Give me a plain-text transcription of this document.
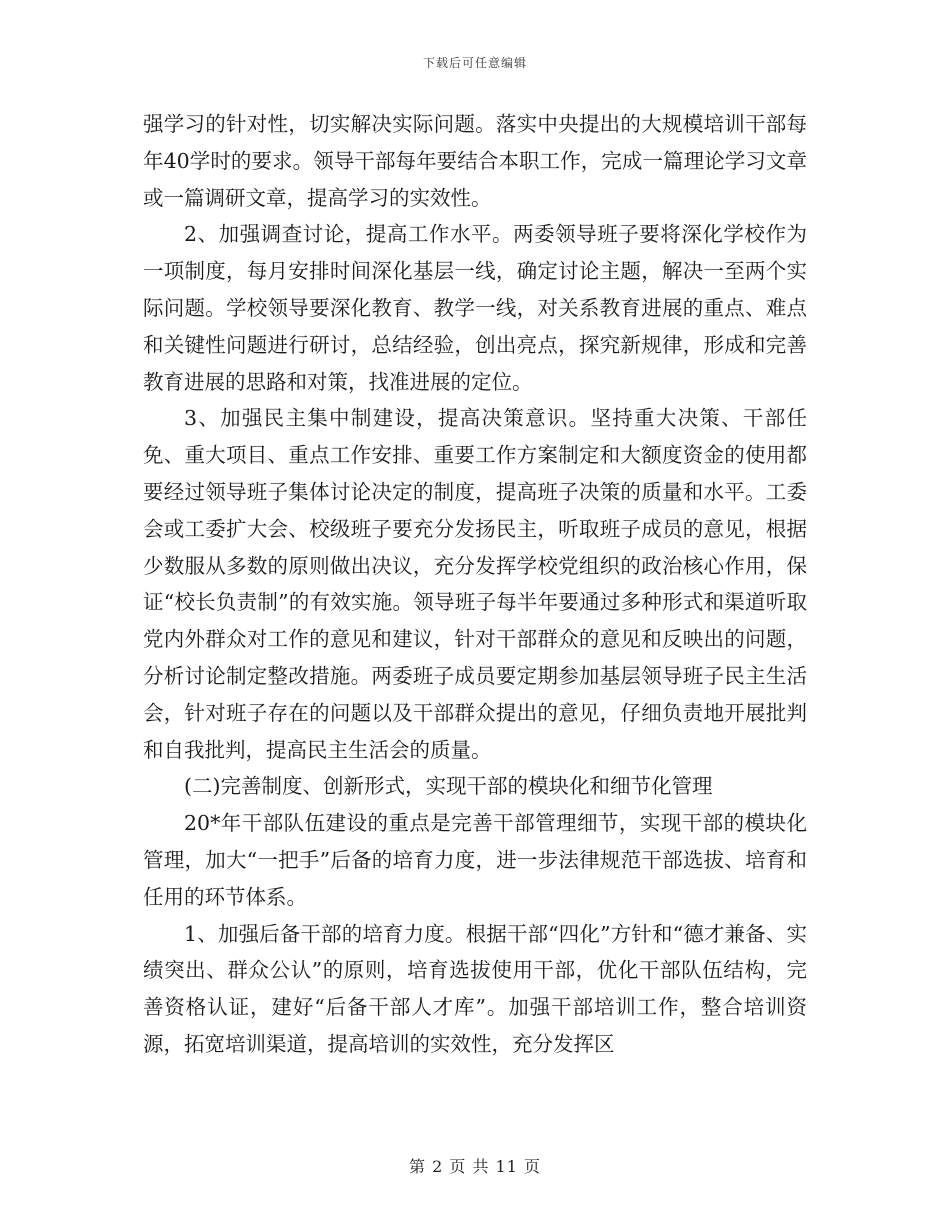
下载后可任意编辑

强学习的针对性，切实解决实际问题。落实中央提出的大规模培训干部每年40学时的要求。领导干部每年要结合本职工作，完成一篇理论学习文章或一篇调研文章，提高学习的实效性。

2、加强调查讨论，提高工作水平。两委领导班子要将深化学校作为一项制度，每月安排时间深化基层一线，确定讨论主题，解决一至两个实际问题。学校领导要深化教育、教学一线，对关系教育进展的重点、难点和关键性问题进行研讨，总结经验，创出亮点，探究新规律，形成和完善教育进展的思路和对策，找准进展的定位。

3、加强民主集中制建设，提高决策意识。坚持重大决策、干部任免、重大项目、重点工作安排、重要工作方案制定和大额度资金的使用都要经过领导班子集体讨论决定的制度，提高班子决策的质量和水平。工委会或工委扩大会、校级班子要充分发扬民主，听取班子成员的意见，根据少数服从多数的原则做出决议，充分发挥学校党组织的政治核心作用，保证“校长负责制”的有效实施。领导班子每半年要通过多种形式和渠道听取党内外群众对工作的意见和建议，针对干部群众的意见和反映出的问题，分析讨论制定整改措施。两委班子成员要定期参加基层领导班子民主生活会，针对班子存在的问题以及干部群众提出的意见，仔细负责地开展批判和自我批判，提高民主生活会的质量。

(二)完善制度、创新形式，实现干部的模块化和细节化管理

20*年干部队伍建设的重点是完善干部管理细节，实现干部的模块化管理，加大“一把手”后备的培育力度，进一步法律规范干部选拔、培育和任用的环节体系。

1、加强后备干部的培育力度。根据干部“四化”方针和“德才兼备、实绩突出、群众公认”的原则，培育选拔使用干部，优化干部队伍结构，完善资格认证，建好“后备干部人才库”。加强干部培训工作，整合培训资源，拓宽培训渠道，提高培训的实效性，充分发挥区

第 2 页 共 11 页
